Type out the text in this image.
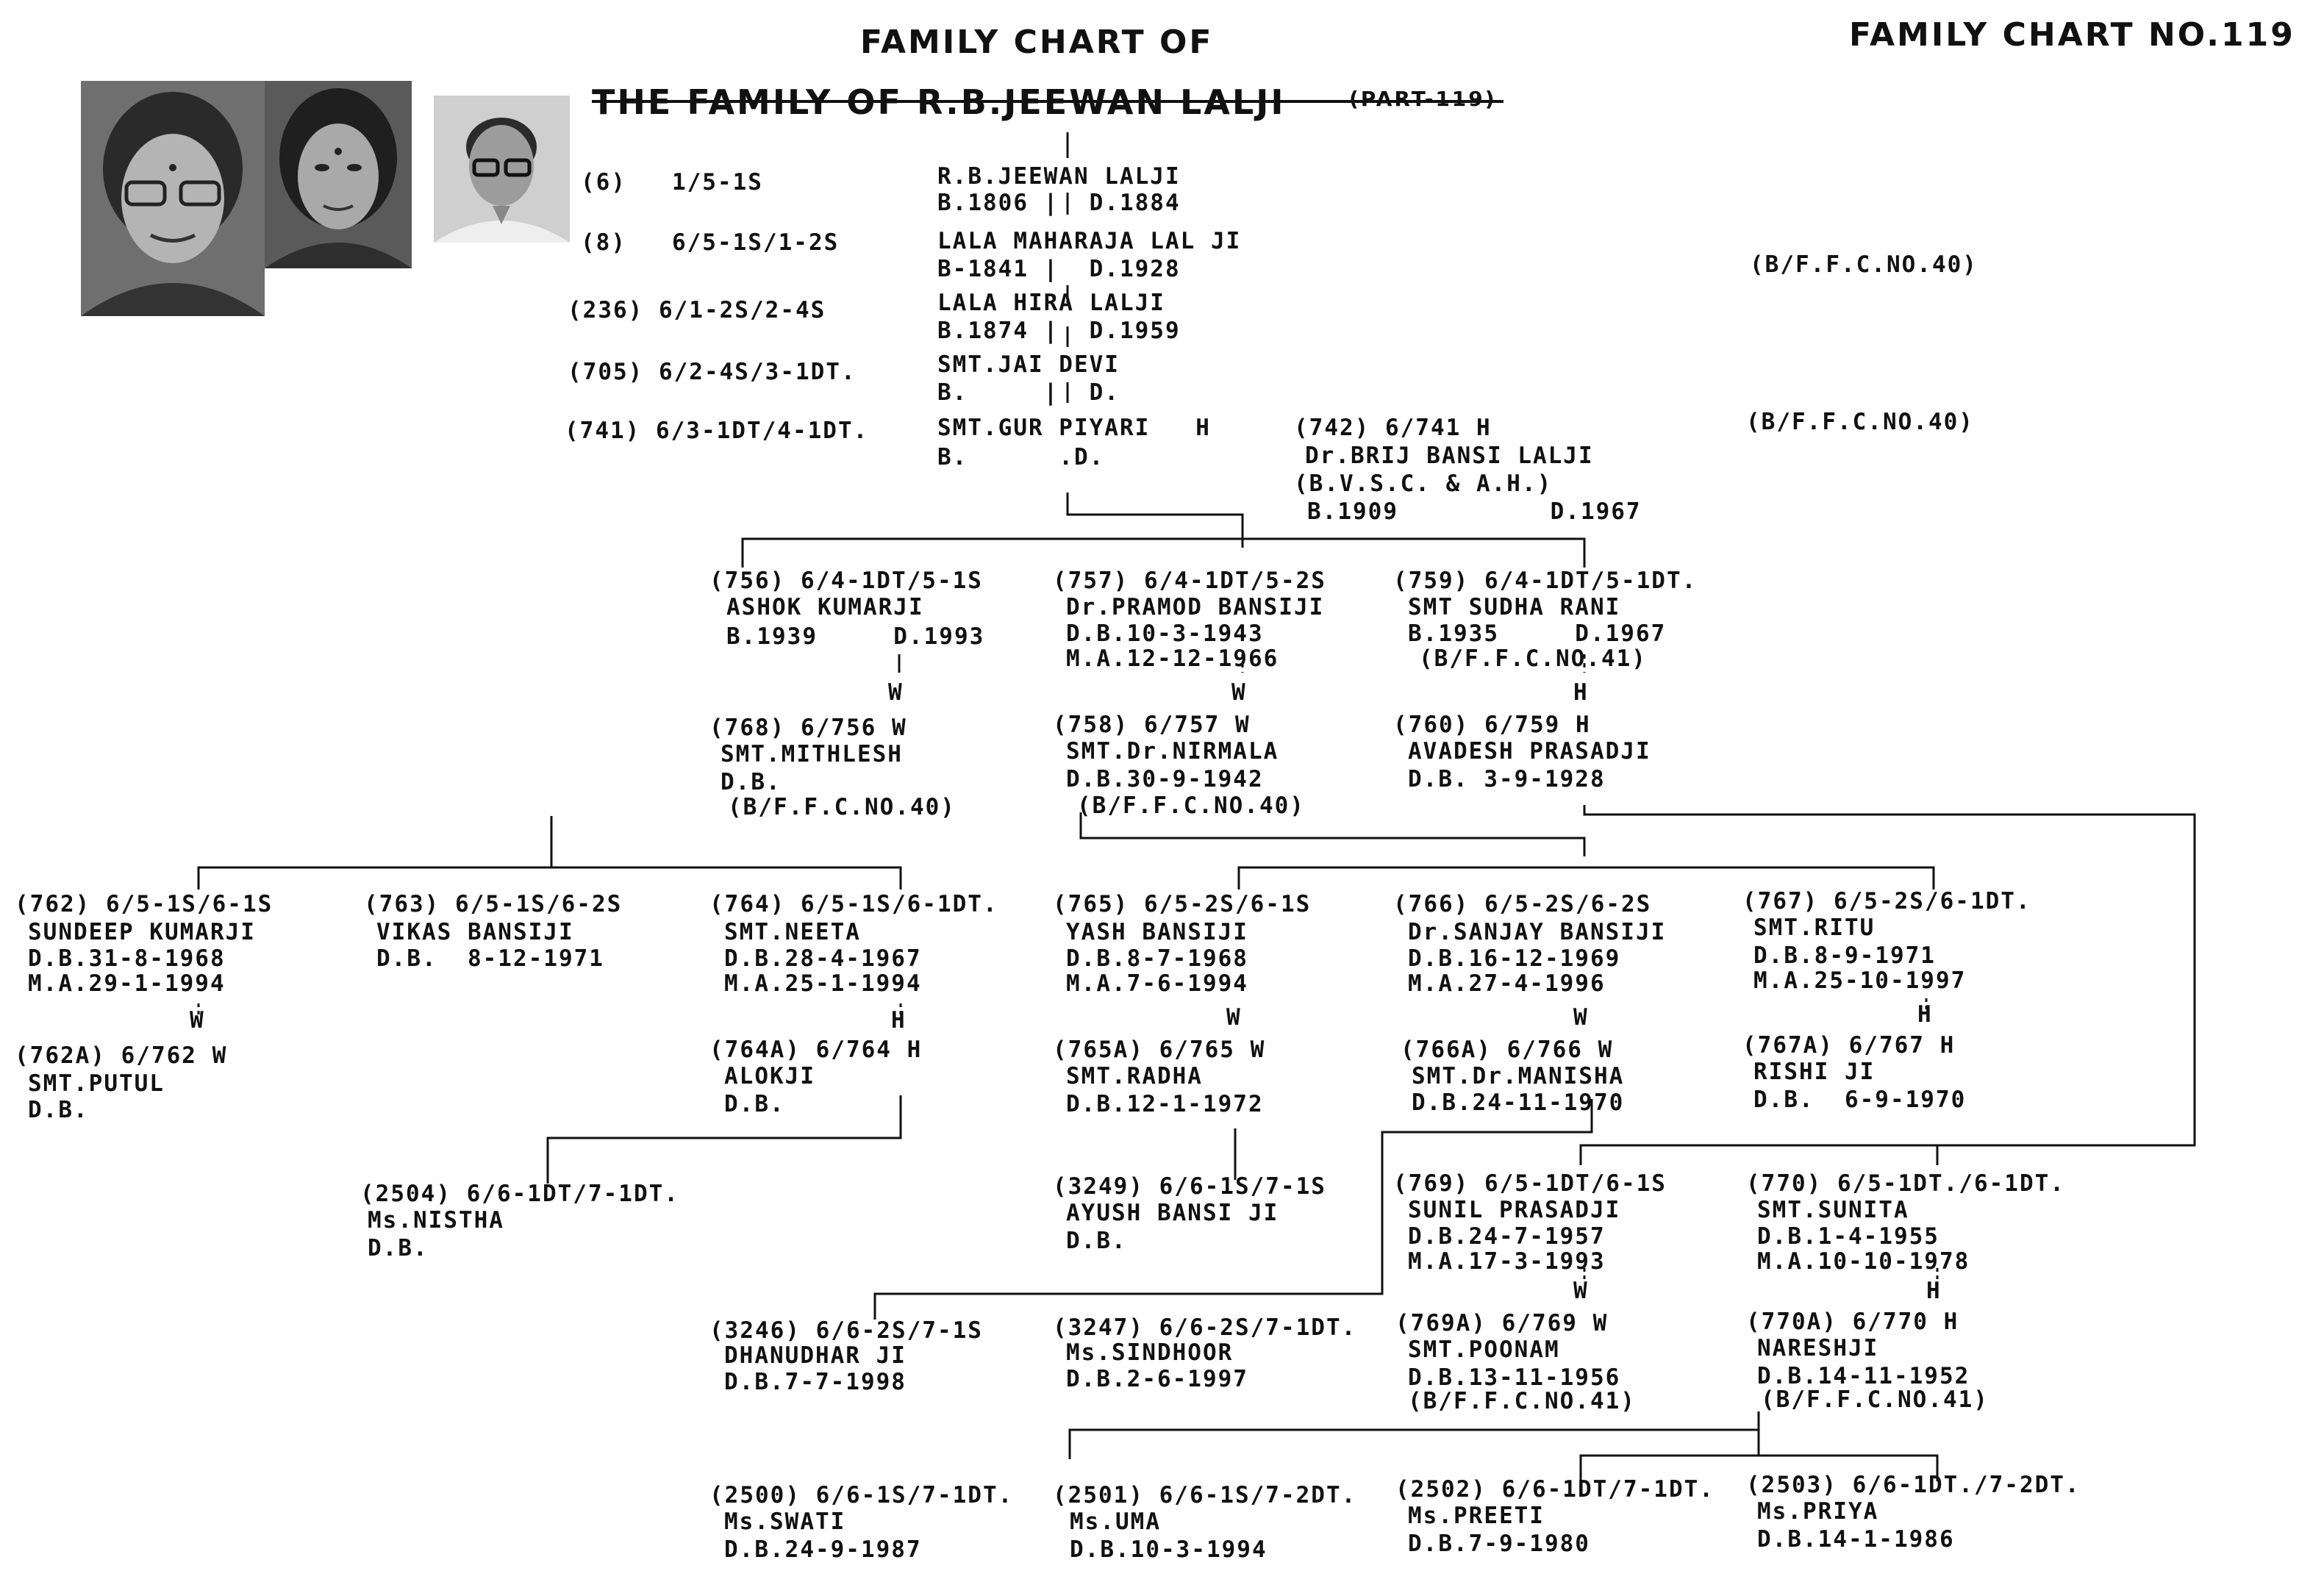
FAMILY CHART OF
THE FAMILY OF R.B.JEEWAN LALJI	(PART-119)
FAMILY CHART NO.119
(6)   1/5-1S	R.B.JEEWAN LALJI
B.1806 |  D.1884
(8)   6/5-1S/1-2S	LALA MAHARAJA LAL JI
B-1841 |  D.1928	(B/F.F.C.NO.40)
(236) 6/1-2S/2-4S	LALA HIRA LALJI
B.1874 |  D.1959
(705) 6/2-4S/3-1DT.	SMT.JAI DEVI
B.     |  D.
(741) 6/3-1DT/4-1DT.	SMT.GUR PIYARI   H
B.      .D.
(B/F.F.C.NO.40)
(742) 6/741 H
Dr.BRIJ BANSI LALJI
(B.V.S.C. & A.H.)
B.1909          D.1967
(756) 6/4-1DT/5-1S
ASHOK KUMARJI
B.1939     D.1993
(757) 6/4-1DT/5-2S
Dr.PRAMOD BANSIJI
D.B.10-3-1943
M.A.12-12-1966
(759) 6/4-1DT/5-1DT.
SMT SUDHA RANI
B.1935     D.1967
(B/F.F.C.NO.41)
W	W	H
(768) 6/756 W
SMT.MITHLESH
D.B.
(B/F.F.C.NO.40)
(758) 6/757 W
SMT.Dr.NIRMALA
D.B.30-9-1942
(B/F.F.C.NO.40)
(760) 6/759 H
AVADESH PRASADJI
D.B. 3-9-1928
(762) 6/5-1S/6-1S
SUNDEEP KUMARJI
D.B.31-8-1968
M.A.29-1-1994
(763) 6/5-1S/6-2S
VIKAS BANSIJI
D.B.  8-12-1971
(764) 6/5-1S/6-1DT.
SMT.NEETA
D.B.28-4-1967
M.A.25-1-1994
(765) 6/5-2S/6-1S
YASH BANSIJI
D.B.8-7-1968
M.A.7-6-1994
(766) 6/5-2S/6-2S
Dr.SANJAY BANSIJI
D.B.16-12-1969
M.A.27-4-1996
(767) 6/5-2S/6-1DT.
SMT.RITU
D.B.8-9-1971
M.A.25-10-1997
W	H	W	W	H
(762A) 6/762 W
SMT.PUTUL
D.B.
(764A) 6/764 H
ALOKJI
D.B.
(765A) 6/765 W
SMT.RADHA
D.B.12-1-1972
(766A) 6/766 W
SMT.Dr.MANISHA
D.B.24-11-1970
(767A) 6/767 H
RISHI JI
D.B.  6-9-1970
(2504) 6/6-1DT/7-1DT.
Ms.NISTHA
D.B.
(3249) 6/6-1S/7-1S
AYUSH BANSI JI
D.B.
(769) 6/5-1DT/6-1S
SUNIL PRASADJI
D.B.24-7-1957
M.A.17-3-1993
(770) 6/5-1DT./6-1DT.
SMT.SUNITA
D.B.1-4-1955
M.A.10-10-1978
W	H
(769A) 6/769 W
SMT.POONAM
D.B.13-11-1956
(B/F.F.C.NO.41)
(770A) 6/770 H
NARESHJI
D.B.14-11-1952
(B/F.F.C.NO.41)
(3246) 6/6-2S/7-1S
DHANUDHAR JI
D.B.7-7-1998
(3247) 6/6-2S/7-1DT.
Ms.SINDHOOR
D.B.2-6-1997
(2500) 6/6-1S/7-1DT.
Ms.SWATI
D.B.24-9-1987
(2501) 6/6-1S/7-2DT.
Ms.UMA
D.B.10-3-1994
(2502) 6/6-1DT/7-1DT.
Ms.PREETI
D.B.7-9-1980
(2503) 6/6-1DT./7-2DT.
Ms.PRIYA
D.B.14-1-1986
